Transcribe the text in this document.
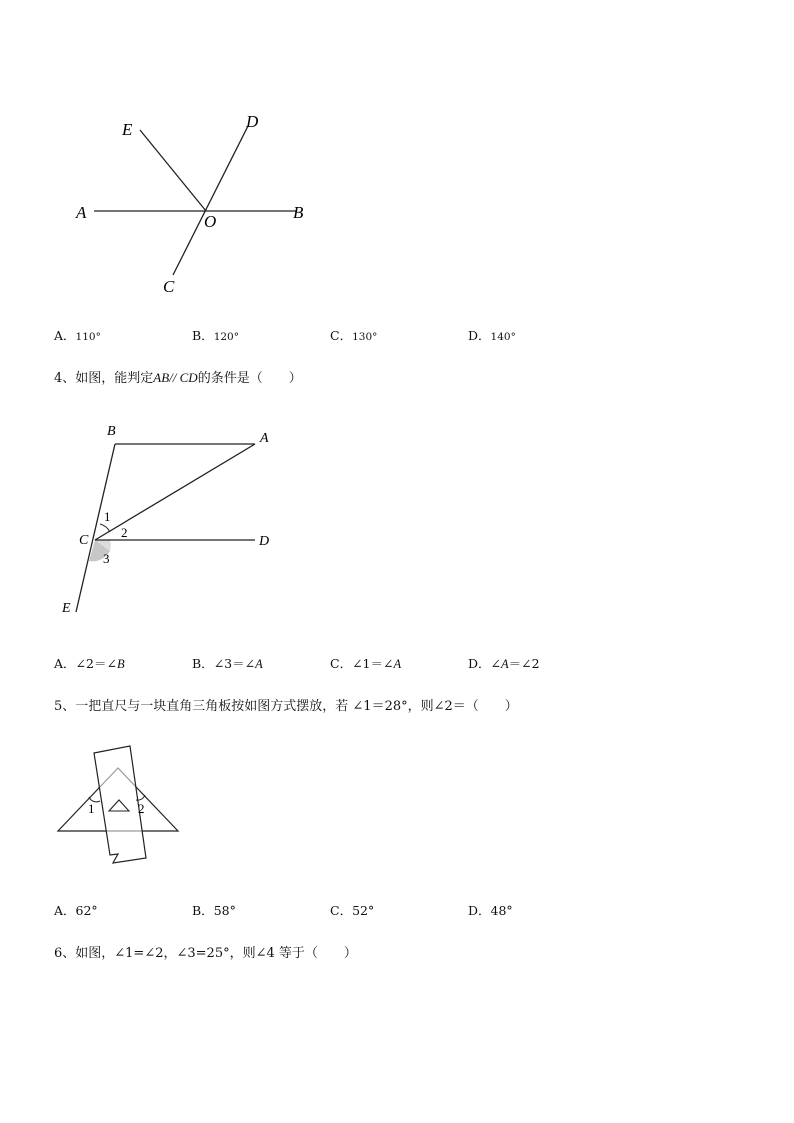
E	D
A	O	B
C
A．110°	B．120°	C．130°	D．140°
4、如图，能判定AB// CD的条件是（　　）
B	A
C	D
E
1
2
3
A．∠2＝∠B	B．∠3＝∠A	C．∠1＝∠A	D．∠A＝∠2
5、一把直尺与一块直角三角板按如图方式摆放，若 ∠1＝28°，则∠2＝（　　）
1	2
A．62°	B．58°	C．52°	D．48°
6、如图，∠1=∠2，∠3=25°，则∠4 等于（　　）
